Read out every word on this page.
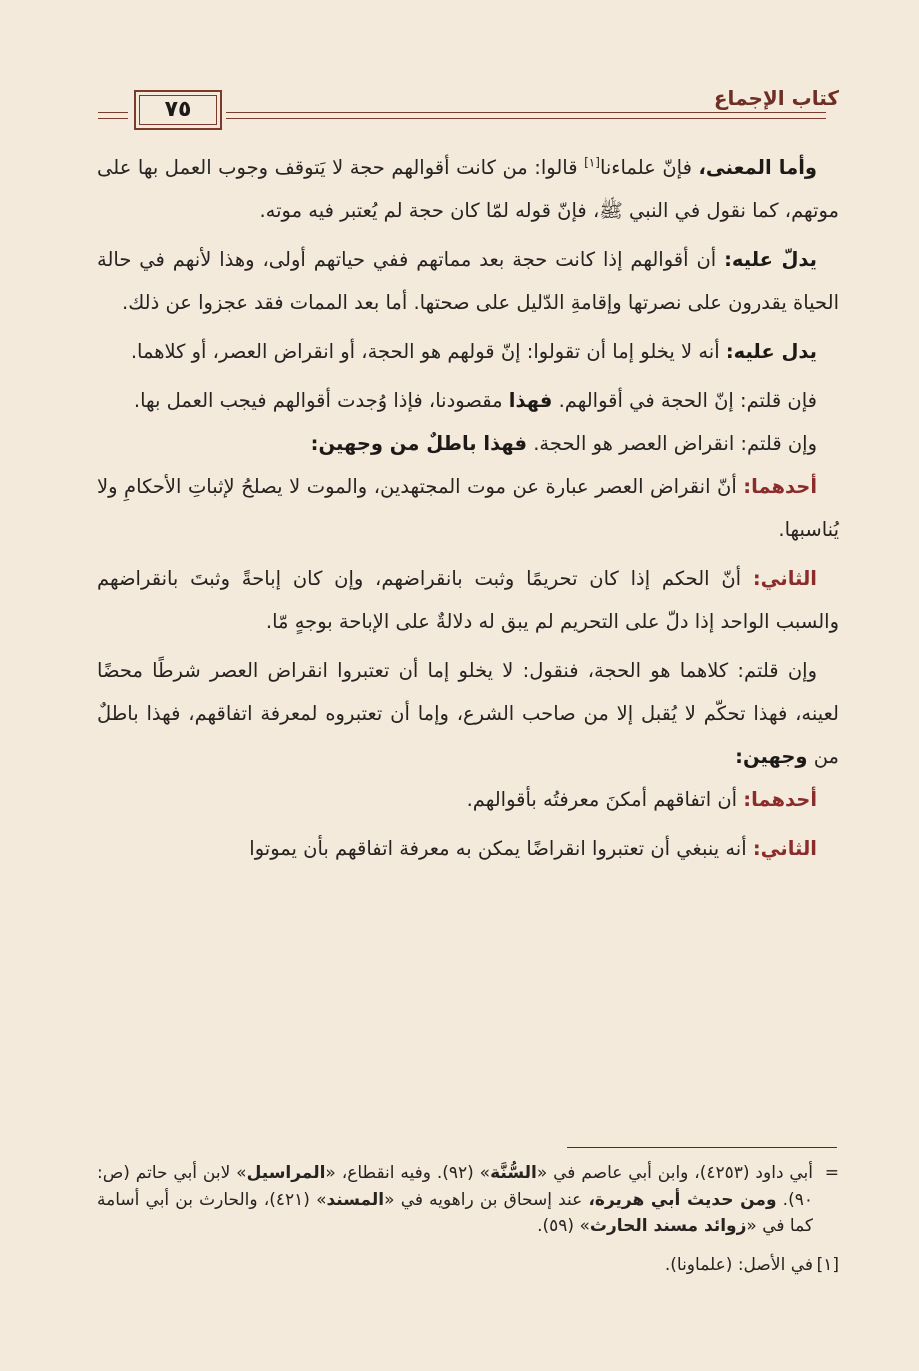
٧٥	كتاب الإجماع

وأما المعنى، فإنّ علماءنا[١] قالوا: من كانت أقوالهم حجة لا يَتوقف وجوب العمل بها على موتهم، كما نقول في النبي ﷺ، فإنّ قوله لمّا كان حجة لم يُعتبر فيه موته.

يدلّ عليه: أن أقوالهم إذا كانت حجة بعد مماتهم ففي حياتهم أولى، وهذا لأنهم في حالة الحياة يقدرون على نصرتها وإقامةِ الدّليل على صحتها. أما بعد الممات فقد عجزوا عن ذلك.

يدل عليه: أنه لا يخلو إما أن تقولوا: إنّ قولهم هو الحجة، أو انقراض العصر، أو كلاهما.

فإن قلتم: إنّ الحجة في أقوالهم. فهذا مقصودنا، فإذا وُجدت أقوالهم فيجب العمل بها.

وإن قلتم: انقراض العصر هو الحجة. فهذا باطلٌ من وجهين:

أحدهما: أنّ انقراض العصر عبارة عن موت المجتهدين، والموت لا يصلحُ لإثباتِ الأحكامِ ولا يُناسبها.

الثاني: أنّ الحكم إذا كان تحريمًا وثبت بانقراضهم، وإن كان إباحةً وثبتَ بانقراضهم والسبب الواحد إذا دلّ على التحريم لم يبق له دلالةٌ على الإباحة بوجهٍ مّا.

وإن قلتم: كلاهما هو الحجة، فنقول: لا يخلو إما أن تعتبروا انقراض العصر شرطًا محضًا لعينه، فهذا تحكّم لا يُقبل إلا من صاحب الشرع، وإما أن تعتبروه لمعرفة اتفاقهم، فهذا باطلٌ من وجهين:

أحدهما: أن اتفاقهم أمكنَ معرفتُه بأقوالهم.

الثاني: أنه ينبغي أن تعتبروا انقراضًا يمكن به معرفة اتفاقهم بأن يموتوا

=
أبي داود (٤٢٥٣)، وابن أبي عاصم في «السُّنَّة» (٩٢). وفيه انقطاع، «المراسيل» لابن أبي حاتم (ص: ٩٠). ومن حديث أبي هريرة، عند إسحاق بن راهويه في «المسند» (٤٢١)، والحارث بن أبي أسامة كما في «زوائد مسند الحارث» (٥٩).
[١]
في الأصل: (علماونا).
